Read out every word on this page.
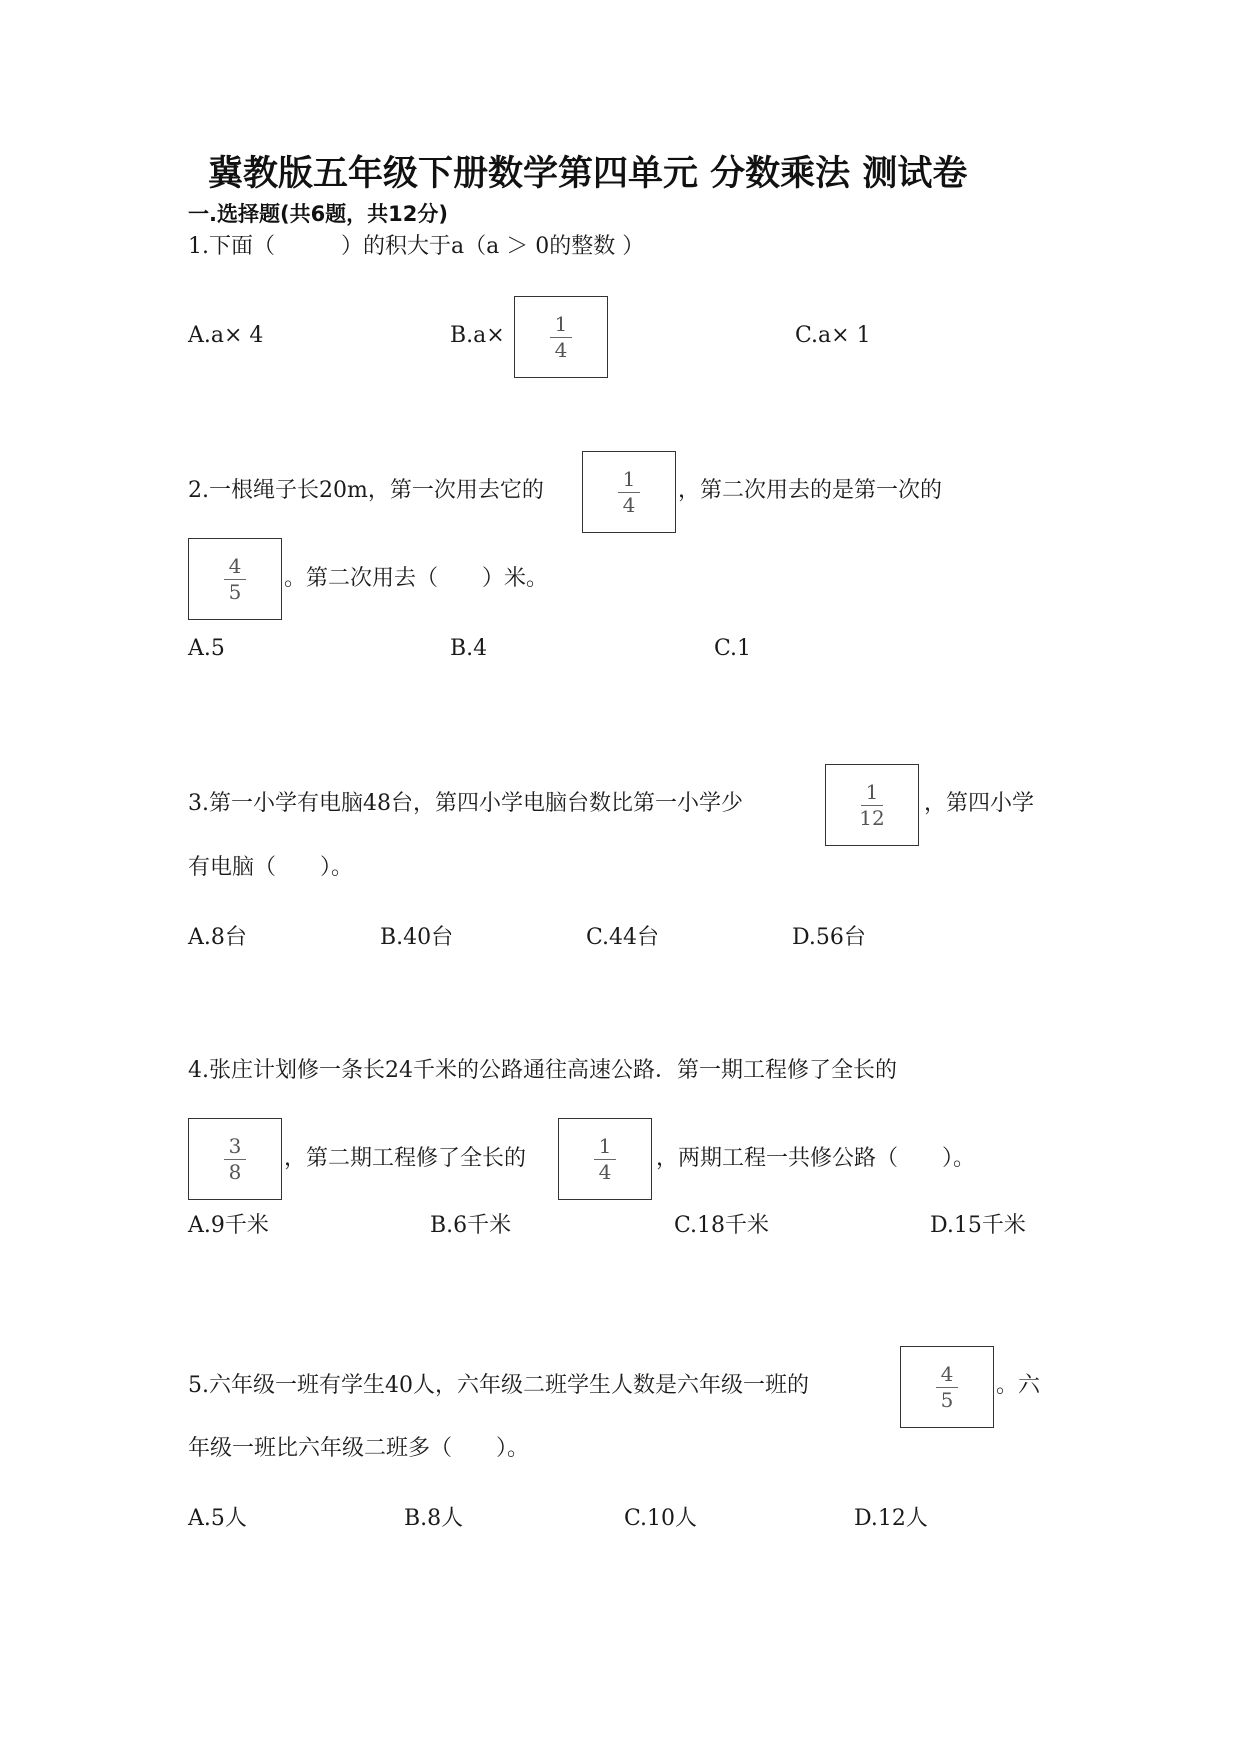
冀教版五年级下册数学第四单元 分数乘法 测试卷
一.选择题(共6题，共12分)
1.下面（　　　）的积大于a（a ＞ 0的整数 ）
A.a× 4	$B.a\times \frac{1}{4}$	C.a× 1
2.一根绳子长20m，第一次用去它的 $\frac{1}{4}$ ，第二次用去的是第一次的
$\frac{4}{5}$ 。第二次用去（　　）米。
A.5	B.4	C.1
3.第一小学有电脑48台，第四小学电脑台数比第一小学少	$\frac{1}{12}$ ，第四小学
有电脑（　　）。
A.8台	B.40台	C.44台	D.56台
4.张庄计划修一条长24千米的公路通往高速公路．第一期工程修了全长的
$\frac{3}{8}$ ，第二期工程修了全长的 $\frac{1}{4}$ ，两期工程一共修公路（　　）。
A.9千米	B.6千米	C.18千米	D.15千米
5.六年级一班有学生40人，六年级二班学生人数是六年级一班的	$\frac{4}{5}$ 。六
年级一班比六年级二班多（　　）。
A.5人	B.8人	C.10人	D.12人
